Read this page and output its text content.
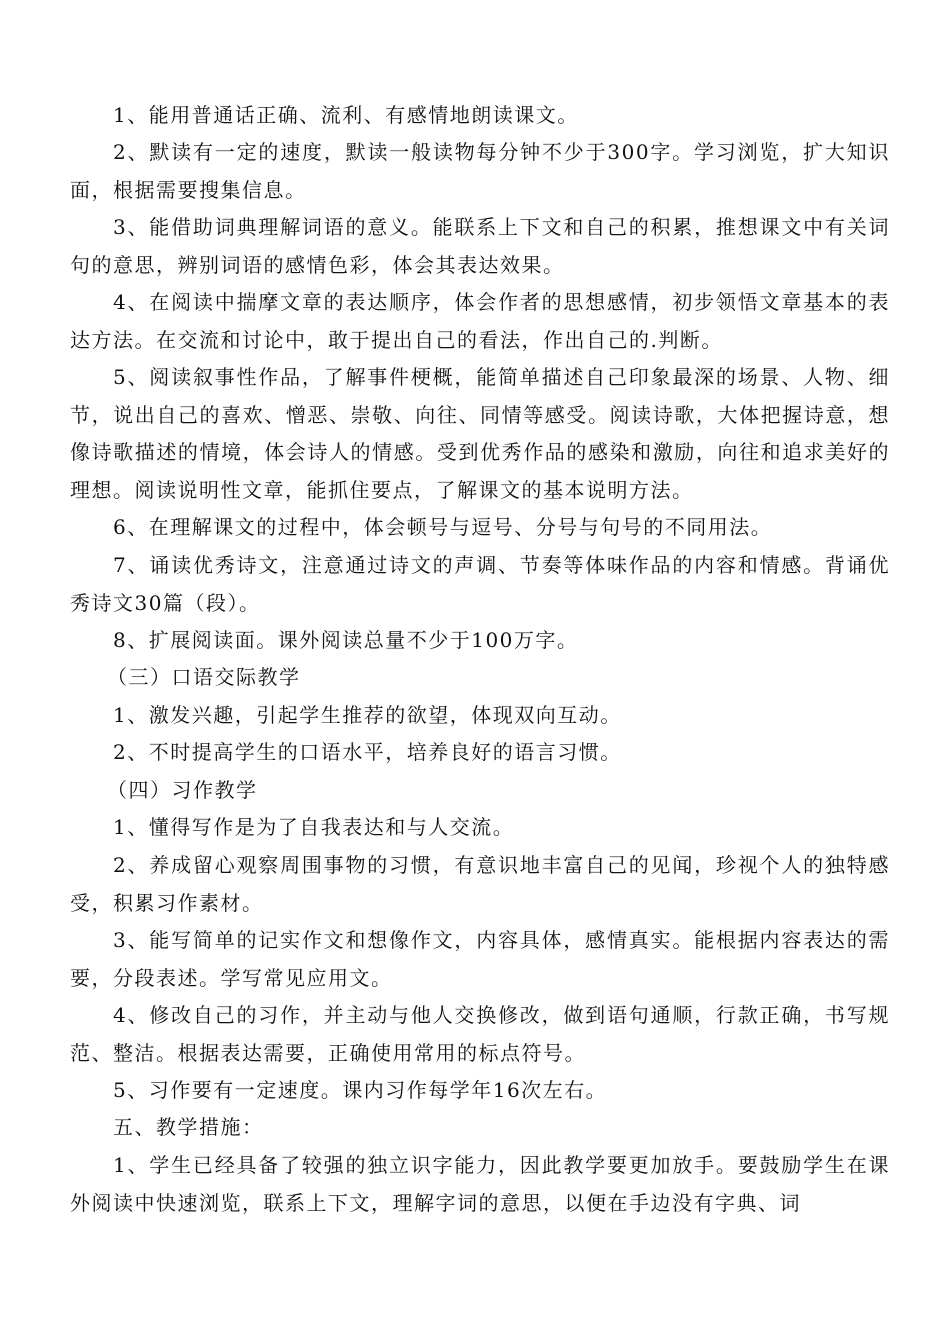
1、能用普通话正确、流利、有感情地朗读课文。

2、默读有一定的速度，默读一般读物每分钟不少于300字。学习浏览，扩大知识面，根据需要搜集信息。

3、能借助词典理解词语的意义。能联系上下文和自己的积累，推想课文中有关词句的意思，辨别词语的感情色彩，体会其表达效果。

4、在阅读中揣摩文章的表达顺序，体会作者的思想感情，初步领悟文章基本的表达方法。在交流和讨论中，敢于提出自己的看法，作出自己的.判断。

5、阅读叙事性作品，了解事件梗概，能简单描述自己印象最深的场景、人物、细节，说出自己的喜欢、憎恶、崇敬、向往、同情等感受。阅读诗歌，大体把握诗意，想像诗歌描述的情境，体会诗人的情感。受到优秀作品的感染和激励，向往和追求美好的理想。阅读说明性文章，能抓住要点，了解课文的基本说明方法。

6、在理解课文的过程中，体会顿号与逗号、分号与句号的不同用法。

7、诵读优秀诗文，注意通过诗文的声调、节奏等体味作品的内容和情感。背诵优秀诗文30篇（段）。

8、扩展阅读面。课外阅读总量不少于100万字。

（三）口语交际教学

1、激发兴趣，引起学生推荐的欲望，体现双向互动。

2、不时提高学生的口语水平，培养良好的语言习惯。

（四）习作教学

1、懂得写作是为了自我表达和与人交流。

2、养成留心观察周围事物的习惯，有意识地丰富自己的见闻，珍视个人的独特感受，积累习作素材。

3、能写简单的记实作文和想像作文，内容具体，感情真实。能根据内容表达的需要，分段表述。学写常见应用文。

4、修改自己的习作，并主动与他人交换修改，做到语句通顺，行款正确，书写规范、整洁。根据表达需要，正确使用常用的标点符号。

5、习作要有一定速度。课内习作每学年16次左右。

五、教学措施：

1、学生已经具备了较强的独立识字能力，因此教学要更加放手。要鼓励学生在课外阅读中快速浏览，联系上下文，理解字词的意思，以便在手边没有字典、词
